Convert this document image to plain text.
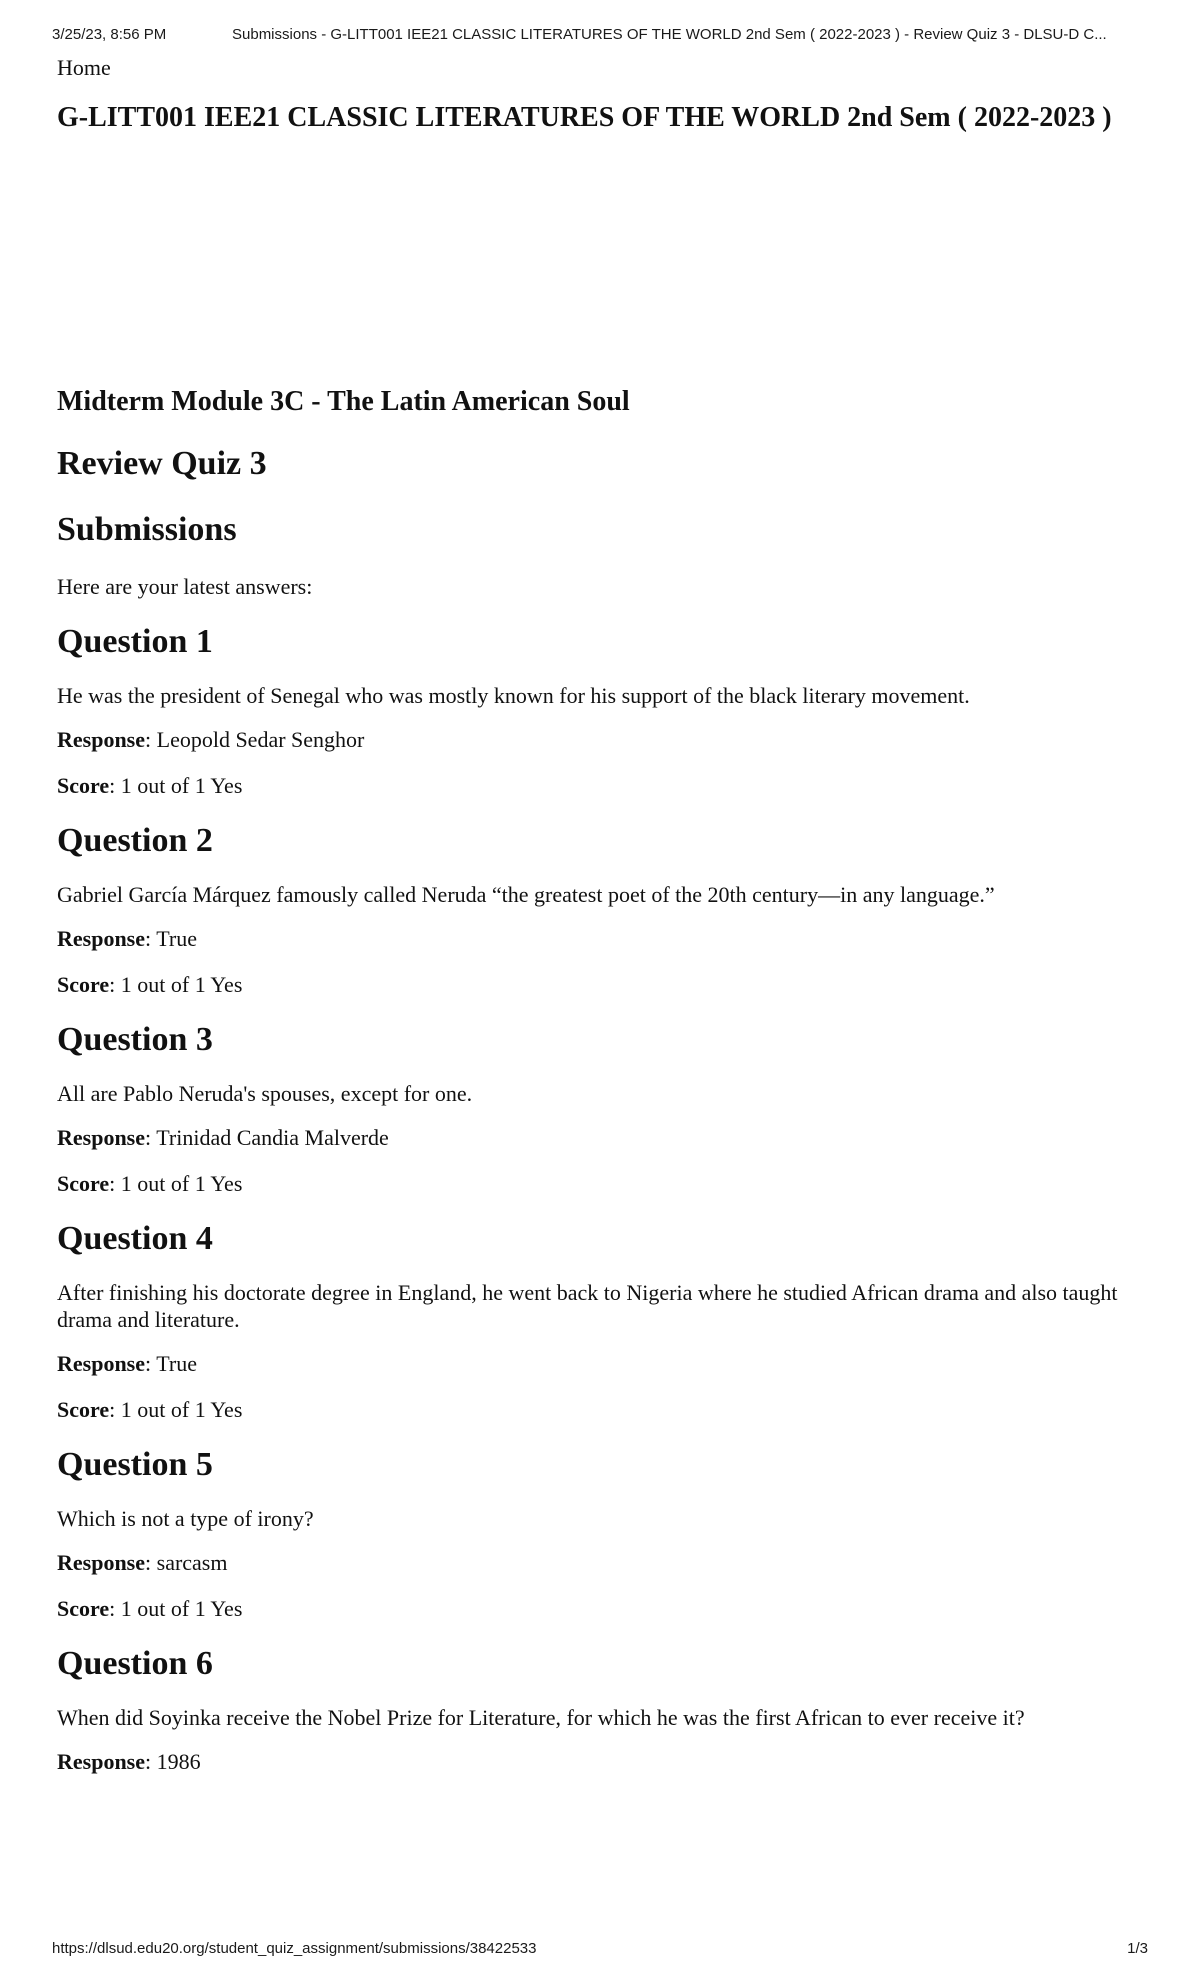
3/25/23, 8:56 PM	Submissions - G-LITT001 IEE21 CLASSIC LITERATURES OF THE WORLD 2nd Sem ( 2022-2023 ) - Review Quiz 3 - DLSU-D C...
Home
G-LITT001 IEE21 CLASSIC LITERATURES OF THE WORLD 2nd Sem ( 2022-2023 )
Midterm Module 3C - The Latin American Soul
Review Quiz 3
Submissions

Here are your latest answers:

Question 1

He was the president of Senegal who was mostly known for his support of the black literary movement.

Response: Leopold Sedar Senghor

Score: 1 out of 1 Yes

Question 2

Gabriel García Márquez famously called Neruda “the greatest poet of the 20th century—in any language.”

Response: True

Score: 1 out of 1 Yes

Question 3

All are Pablo Neruda's spouses, except for one.

Response: Trinidad Candia Malverde

Score: 1 out of 1 Yes

Question 4

After finishing his doctorate degree in England, he went back to Nigeria where he studied African drama and also taught drama and literature.

Response: True

Score: 1 out of 1 Yes

Question 5

Which is not a type of irony?

Response: sarcasm

Score: 1 out of 1 Yes

Question 6

When did Soyinka receive the Nobel Prize for Literature, for which he was the first African to ever receive it?

Response: 1986

https://dlsud.edu20.org/student_quiz_assignment/submissions/38422533	1/3
